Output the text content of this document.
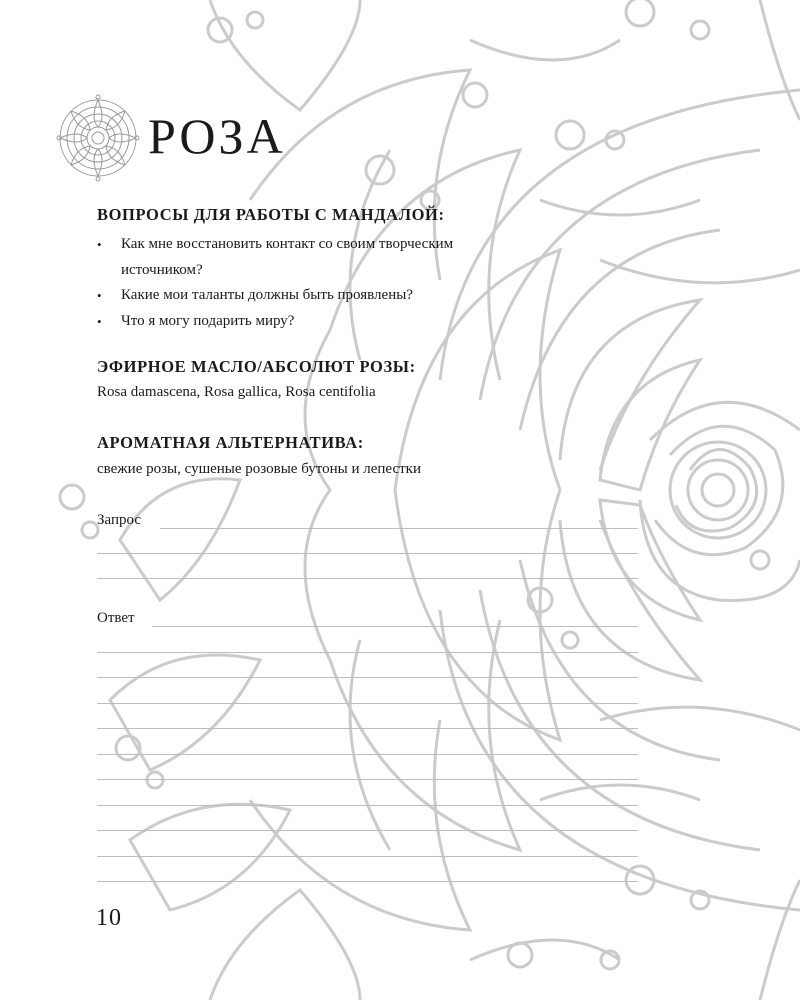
РОЗА
ВОПРОСЫ ДЛЯ РАБОТЫ С МАНДАЛОЙ:
• Как мне восстановить контакт со своим творческим источником?
• Какие мои таланты должны быть проявлены?
• Что я могу подарить миру?
ЭФИРНОЕ МАСЛО/АБСОЛЮТ РОЗЫ:
Rosa damascena, Rosa gallica, Rosa centifolia
АРОМАТНАЯ АЛЬТЕРНАТИВА:
свежие розы, сушеные розовые бутоны и лепестки
Запрос
Ответ
10
